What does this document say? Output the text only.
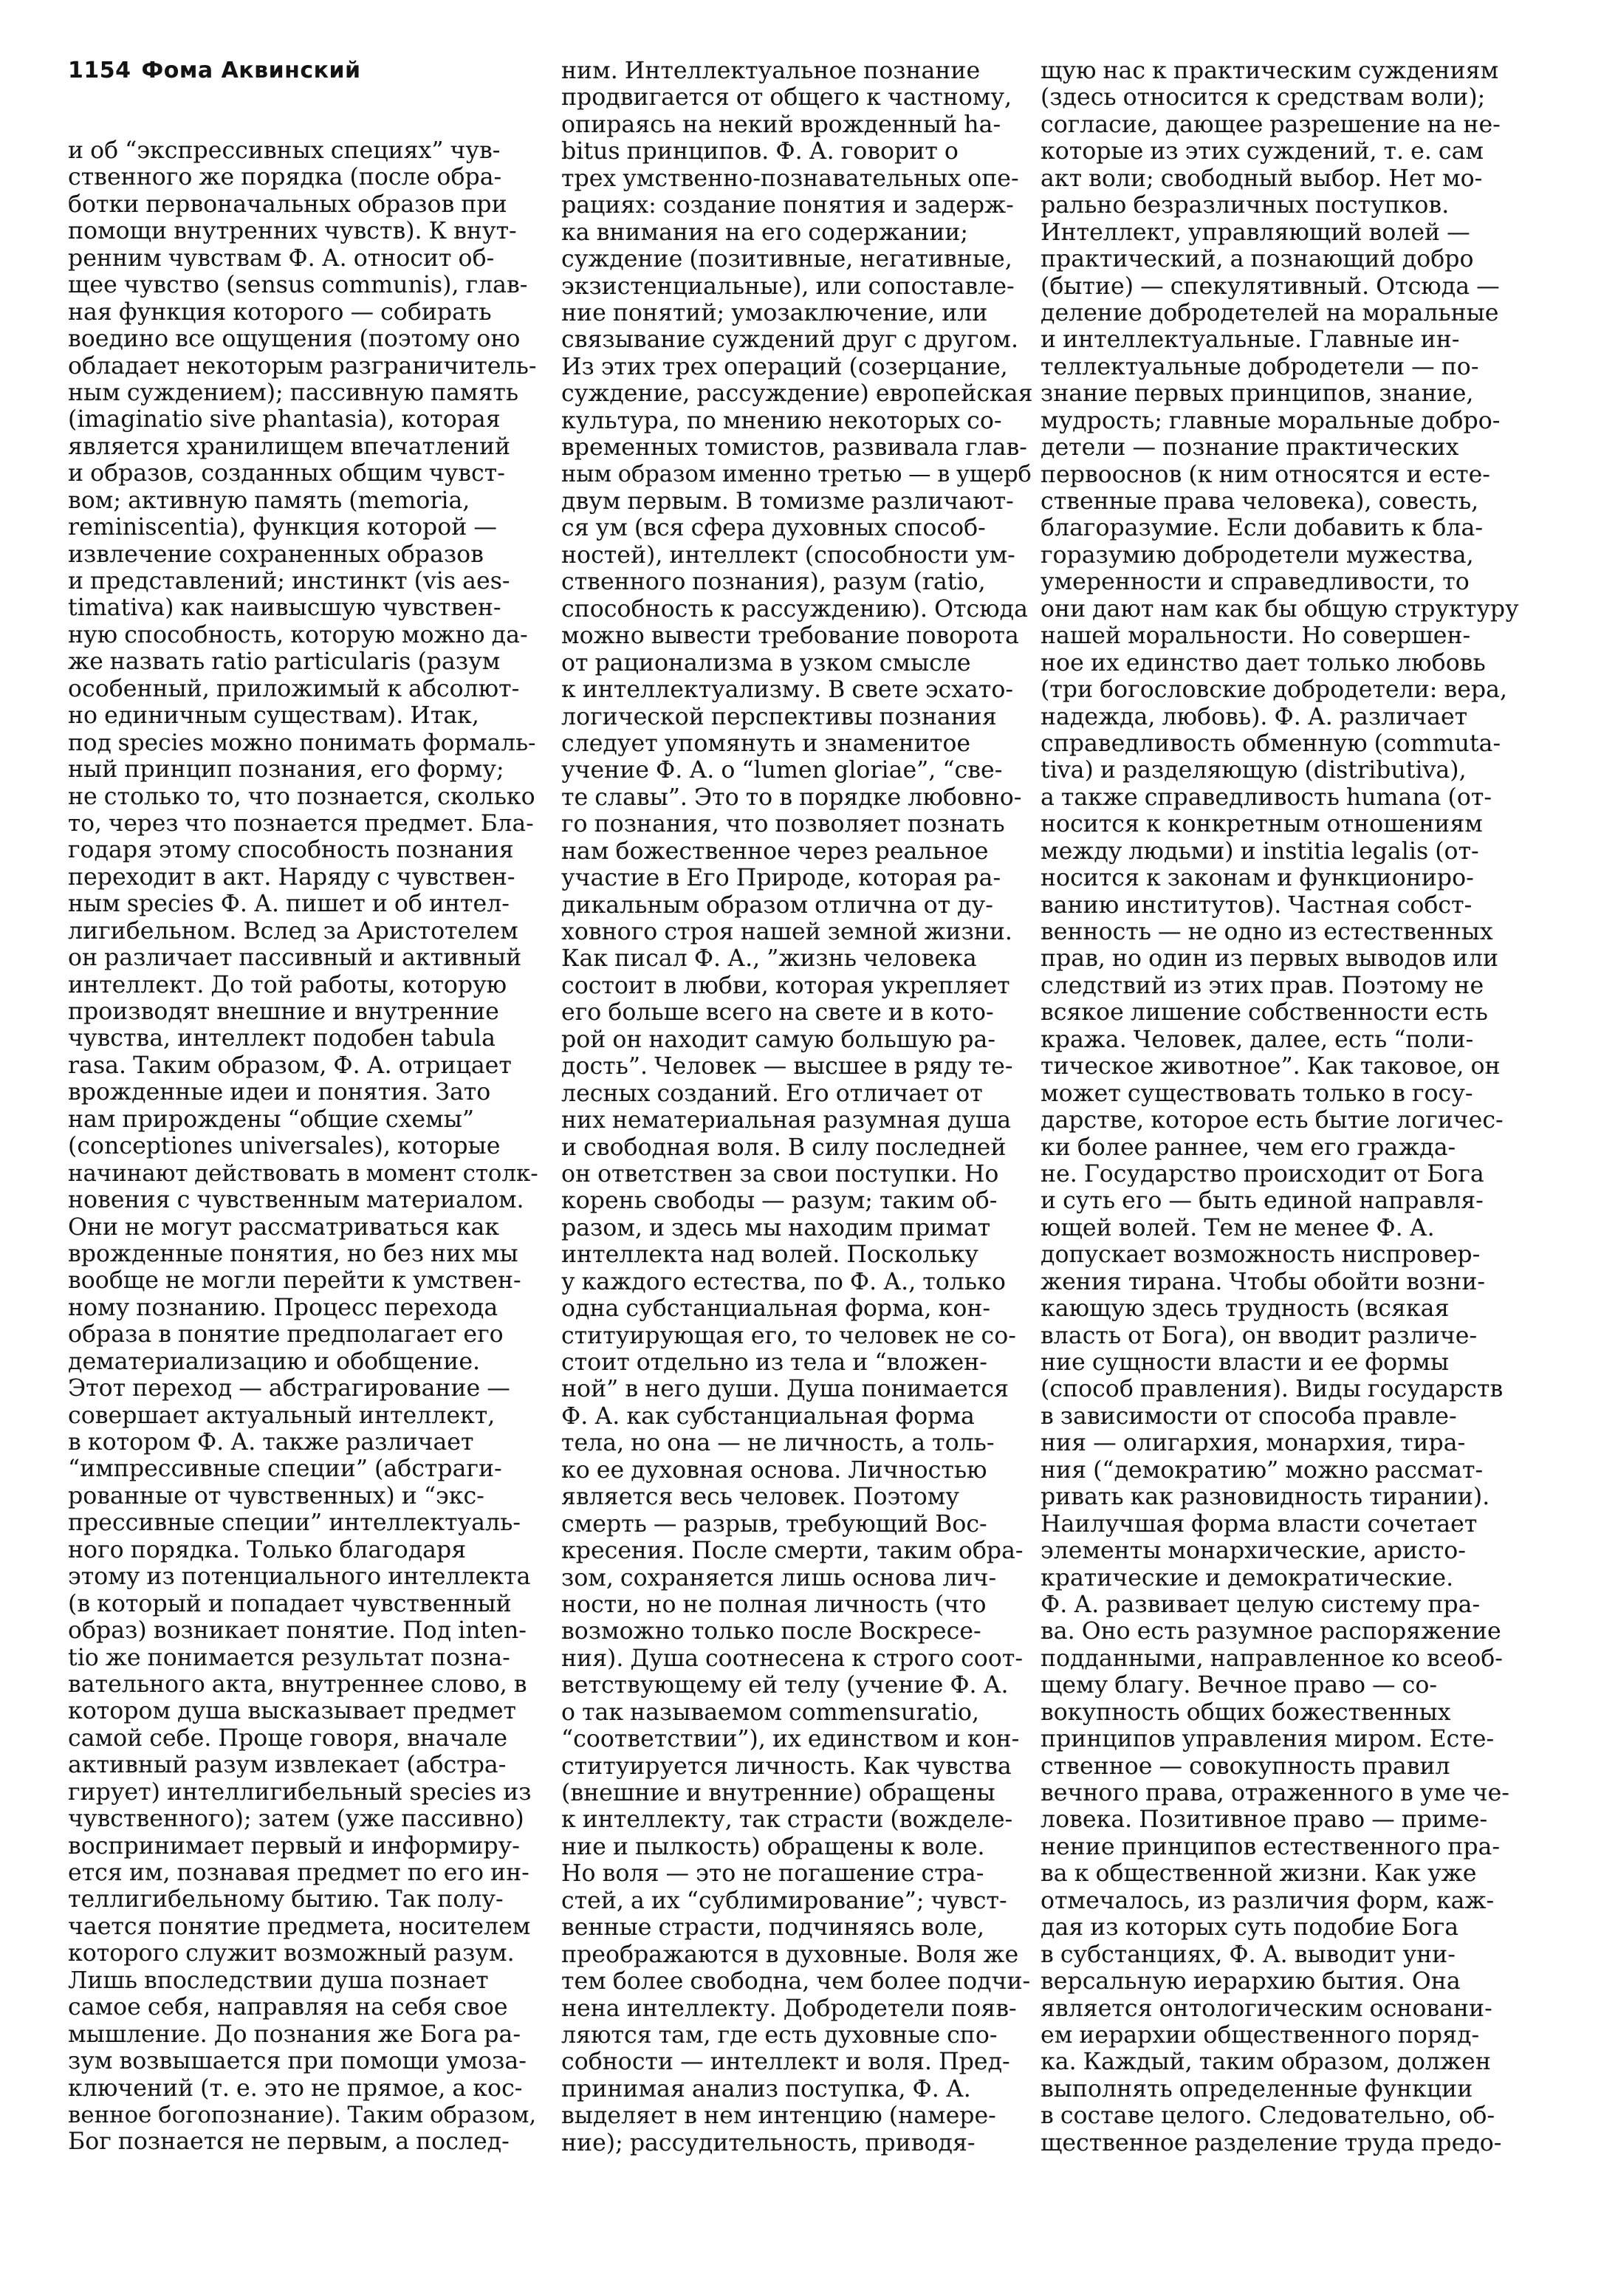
1154 Фома Аквинский
и об “экспрессивных специях” чув-
ственного же порядка (после обра-
ботки первоначальных образов при
помощи внутренних чувств). К внут-
ренним чувствам Ф. А. относит об-
щее чувство (sensus communis), глав-
ная функция которого — собирать
воедино все ощущения (поэтому оно
обладает некоторым разграничитель-
ным суждением); пассивную память
(imaginatio sive phantasia), которая
является хранилищем впечатлений
и образов, созданных общим чувст-
вом; активную память (memoria,
reminiscentia), функция которой —
извлечение сохраненных образов
и представлений; инстинкт (vis aes-
timativa) как наивысшую чувствен-
ную способность, которую можно да-
же назвать ratio particularis (разум
особенный, приложимый к абсолют-
но единичным существам). Итак,
под species можно понимать формаль-
ный принцип познания, его форму;
не столько то, что познается, сколько
то, через что познается предмет. Бла-
годаря этому способность познания
переходит в акт. Наряду с чувствен-
ным species Ф. А. пишет и об интел-
лигибельном. Вслед за Аристотелем
он различает пассивный и активный
интеллект. До той работы, которую
производят внешние и внутренние
чувства, интеллект подобен tabula
rasa. Таким образом, Ф. А. отрицает
врожденные идеи и понятия. Зато
нам прирождены “общие схемы”
(conceptiones universales), которые
начинают действовать в момент столк-
новения с чувственным материалом.
Они не могут рассматриваться как
врожденные понятия, но без них мы
вообще не могли перейти к умствен-
ному познанию. Процесс перехода
образа в понятие предполагает его
дематериализацию и обобщение.
Этот переход — абстрагирование —
совершает актуальный интеллект,
в котором Ф. А. также различает
“импрессивные специи” (абстраги-
рованные от чувственных) и “экс-
прессивные специи” интеллектуаль-
ного порядка. Только благодаря
этому из потенциального интеллекта
(в который и попадает чувственный
образ) возникает понятие. Под inten-
tio же понимается результат позна-
вательного акта, внутреннее слово, в
котором душа высказывает предмет
самой себе. Проще говоря, вначале
активный разум извлекает (абстра-
гирует) интеллигибельный species из
чувственного); затем (уже пассивно)
воспринимает первый и информиру-
ется им, познавая предмет по его ин-
теллигибельному бытию. Так полу-
чается понятие предмета, носителем
которого служит возможный разум.
Лишь впоследствии душа познает
самое себя, направляя на себя свое
мышление. До познания же Бога ра-
зум возвышается при помощи умоза-
ключений (т. е. это не прямое, а кос-
венное богопознание). Таким образом,
Бог познается не первым, а послед-
ним. Интеллектуальное познание
продвигается от общего к частному,
опираясь на некий врожденный ha-
bitus принципов. Ф. А. говорит о
трех умственно-познавательных опе-
рациях: создание понятия и задерж-
ка внимания на его содержании;
суждение (позитивные, негативные,
экзистенциальные), или сопоставле-
ние понятий; умозаключение, или
связывание суждений друг с другом.
Из этих трех операций (созерцание,
суждение, рассуждение) европейская
культура, по мнению некоторых со-
временных томистов, развивала глав-
ным образом именно третью — в ущерб
двум первым. В томизме различают-
ся ум (вся сфера духовных способ-
ностей), интеллект (способности ум-
ственного познания), разум (ratio,
способность к рассуждению). Отсюда
можно вывести требование поворота
от рационализма в узком смысле
к интеллектуализму. В свете эсхато-
логической перспективы познания
следует упомянуть и знаменитое
учение Ф. А. о “lumen gloriae”, “све-
те славы”. Это то в порядке любовно-
го познания, что позволяет познать
нам божественное через реальное
участие в Его Природе, которая ра-
дикальным образом отлична от ду-
ховного строя нашей земной жизни.
Как писал Ф. А., ”жизнь человека
состоит в любви, которая укрепляет
его больше всего на свете и в кото-
рой он находит самую большую ра-
дость”. Человек — высшее в ряду те-
лесных созданий. Его отличает от
них нематериальная разумная душа
и свободная воля. В силу последней
он ответствен за свои поступки. Но
корень свободы — разум; таким об-
разом, и здесь мы находим примат
интеллекта над волей. Поскольку
у каждого естества, по Ф. А., только
одна субстанциальная форма, кон-
ституирующая его, то человек не со-
стоит отдельно из тела и “вложен-
ной” в него души. Душа понимается
Ф. А. как субстанциальная форма
тела, но она — не личность, а толь-
ко ее духовная основа. Личностью
является весь человек. Поэтому
смерть — разрыв, требующий Вос-
кресения. После смерти, таким обра-
зом, сохраняется лишь основа лич-
ности, но не полная личность (что
возможно только после Воскресе-
ния). Душа соотнесена к строго соот-
ветствующему ей телу (учение Ф. А.
о так называемом commensuratio,
“соответствии”), их единством и кон-
ституируется личность. Как чувства
(внешние и внутренние) обращены
к интеллекту, так страсти (вожделе-
ние и пылкость) обращены к воле.
Но воля — это не погашение стра-
стей, а их “сублимирование”; чувст-
венные страсти, подчиняясь воле,
преображаются в духовные. Воля же
тем более свободна, чем более подчи-
нена интеллекту. Добродетели появ-
ляются там, где есть духовные спо-
собности — интеллект и воля. Пред-
принимая анализ поступка, Ф. А.
выделяет в нем интенцию (намере-
ние); рассудительность, приводя-
щую нас к практическим суждениям
(здесь относится к средствам воли);
согласие, дающее разрешение на не-
которые из этих суждений, т. е. сам
акт воли; свободный выбор. Нет мо-
рально безразличных поступков.
Интеллект, управляющий волей —
практический, а познающий добро
(бытие) — спекулятивный. Отсюда —
деление добродетелей на моральные
и интеллектуальные. Главные ин-
теллектуальные добродетели — по-
знание первых принципов, знание,
мудрость; главные моральные добро-
детели — познание практических
первооснов (к ним относятся и есте-
ственные права человека), совесть,
благоразумие. Если добавить к бла-
горазумию добродетели мужества,
умеренности и справедливости, то
они дают нам как бы общую структуру
нашей моральности. Но совершен-
ное их единство дает только любовь
(три богословские добродетели: вера,
надежда, любовь). Ф. А. различает
справедливость обменную (commuta-
tiva) и разделяющую (distributiva),
а также справедливость humana (от-
носится к конкретным отношениям
между людьми) и institia legalis (от-
носится к законам и функциониро-
ванию институтов). Частная собст-
венность — не одно из естественных
прав, но один из первых выводов или
следствий из этих прав. Поэтому не
всякое лишение собственности есть
кража. Человек, далее, есть “поли-
тическое животное”. Как таковое, он
может существовать только в госу-
дарстве, которое есть бытие логичес-
ки более раннее, чем его гражда-
не. Государство происходит от Бога
и суть его — быть единой направля-
ющей волей. Тем не менее Ф. А.
допускает возможность ниспровер-
жения тирана. Чтобы обойти возни-
кающую здесь трудность (всякая
власть от Бога), он вводит различе-
ние сущности власти и ее формы
(способ правления). Виды государств
в зависимости от способа правле-
ния — олигархия, монархия, тира-
ния (“демократию” можно рассмат-
ривать как разновидность тирании).
Наилучшая форма власти сочетает
элементы монархические, аристо-
кратические и демократические.
Ф. А. развивает целую систему пра-
ва. Оно есть разумное распоряжение
подданными, направленное ко всеоб-
щему благу. Вечное право — со-
вокупность общих божественных
принципов управления миром. Есте-
ственное — совокупность правил
вечного права, отраженного в уме че-
ловека. Позитивное право — приме-
нение принципов естественного пра-
ва к общественной жизни. Как уже
отмечалось, из различия форм, каж-
дая из которых суть подобие Бога
в субстанциях, Ф. А. выводит уни-
версальную иерархию бытия. Она
является онтологическим основани-
ем иерархии общественного поряд-
ка. Каждый, таким образом, должен
выполнять определенные функции
в составе целого. Следовательно, об-
щественное разделение труда предо-
